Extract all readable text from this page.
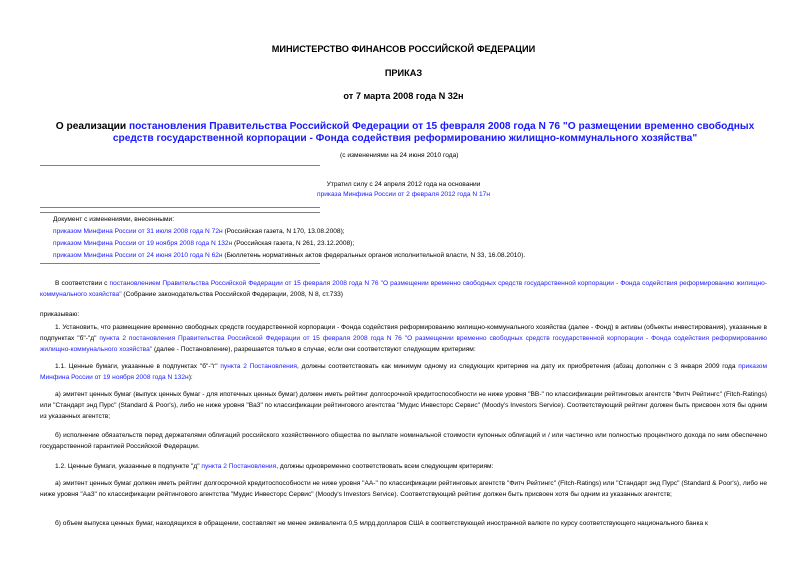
МИНИСТЕРСТВО ФИНАНСОВ РОССИЙСКОЙ ФЕДЕРАЦИИ
ПРИКАЗ
от 7 марта 2008 года N 32н
О реализации постановления Правительства Российской Федерации от 15 февраля 2008 года N 76 "О размещении временно свободных средств государственной корпорации - Фонда содействия реформированию жилищно-коммунального хозяйства"
(с изменениями на 24 июня 2010 года)
Утратил силу с 24 апреля 2012 года на основании
приказа Минфина России от 2 февраля 2012 года N 17н
Документ с изменениями, внесенными:
приказом Минфина России от 31 июля 2008 года N 72н (Российская газета, N 170, 13.08.2008);
приказом Минфина России от 19 ноября 2008 года N 132н (Российская газета, N 261, 23.12.2008);
приказом Минфина России от 24 июня 2010 года N 62н (Бюллетень нормативных актов федеральных органов исполнительной власти, N 33, 16.08.2010).
В соответствии с постановлением Правительства Российской Федерации от 15 февраля 2008 года N 76 "О размещении временно свободных средств государственной корпорации - Фонда содействия реформированию жилищно-коммунального хозяйства" (Собрание законодательства Российской Федерации, 2008, N 8, ст.733)
приказываю:
1. Установить, что размещение временно свободных средств государственной корпорации - Фонда содействия реформированию жилищно-коммунального хозяйства (далее - Фонд) в активы (объекты инвестирования), указанные в подпунктах "б"-"д" пункта 2 постановления Правительства Российской Федерации от 15 февраля 2008 года N 76 "О размещении временно свободных средств государственной корпорации - Фонда содействия реформированию жилищно-коммунального хозяйства" (далее - Постановление), разрешается только в случае, если они соответствуют следующим критериям:
1.1. Ценные бумаги, указанные в подпунктах "б"-"г" пункта 2 Постановления, должны соответствовать как минимум одному из следующих критериев на дату их приобретения (абзац дополнен с 3 января 2009 года приказом Минфина России от 19 ноября 2008 года N 132н):
а) эмитент ценных бумаг (выпуск ценных бумаг - для ипотечных ценных бумаг) должен иметь рейтинг долгосрочной кредитоспособности не ниже уровня "ВВ-" по классификации рейтинговых агентств "Фитч Рейтингс" (Fitch-Ratings) или "Стандарт энд Пурс" (Standard & Poor's), либо не ниже уровня "Ва3" по классификации рейтингового агентства "Мудис Инвесторс Сервис" (Moody's Investors Service). Соответствующий рейтинг должен быть присвоен хотя бы одним из указанных агентств;
б) исполнение обязательств перед держателями облигаций российского хозяйственного общества по выплате номинальной стоимости купонных облигаций и / или частично или полностью процентного дохода по ним обеспечено государственной гарантией Российской Федерации.
1.2. Ценные бумаги, указанные в подпункте "д" пункта 2 Постановления, должны одновременно соответствовать всем следующим критериям:
а) эмитент ценных бумаг должен иметь рейтинг долгосрочной кредитоспособности не ниже уровня "АА-" по классификации рейтинговых агентств "Фитч Рейтингс" (Fitch-Ratings) или "Стандарт энд Пурс" (Standard & Poor's), либо не ниже уровня "Аа3" по классификации рейтингового агентства "Мудис Инвесторс Сервис" (Moody's Investors Service). Соответствующий рейтинг должен быть присвоен хотя бы одним из указанных агентств;
б) объем выпуска ценных бумаг, находящихся в обращении, составляет не менее эквивалента 0,5 млрд.долларов США в соответствующей иностранной валюте по курсу соответствующего национального банка к
